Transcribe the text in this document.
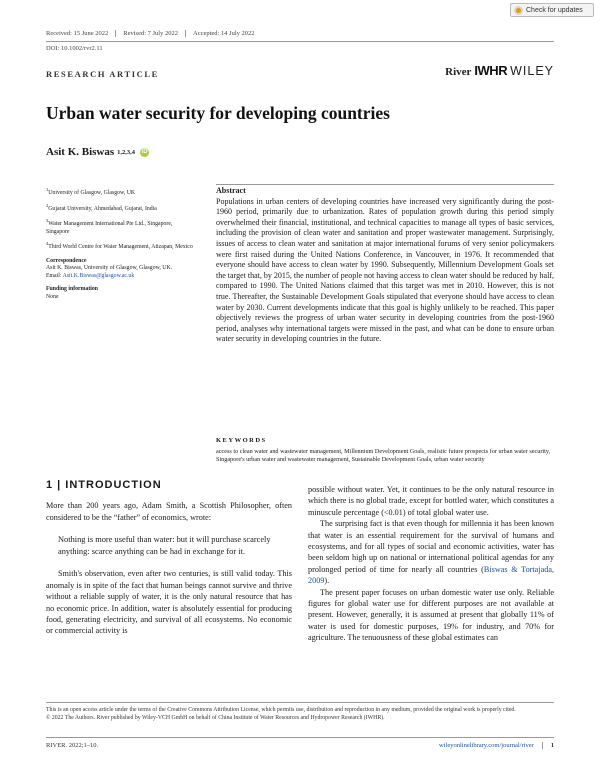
Check for updates
Received: 15 June 2022	Revised: 7 July 2022	Accepted: 14 July 2022
DOI: 10.1002/rvr2.11
RESEARCH ARTICLE	River IWHR WILEY
Urban water security for developing countries
Asit K. Biswas 1,2,3,4 iD
$^1$University of Glasgow, Glasgow, UK
$^2$Gujarat University, Ahmedabad, Gujarat, India
$^3$Water Management International Pte Ltd., Singapore, Singapore
$^4$Third World Centre for Water Management, Atizapan, Mexico
Correspondence
Asit K. Biswas, University of Glasgow, Glasgow, UK.
Email: Asit.K.Biswas@glasgow.ac.uk
Funding information
None
Abstract
Populations in urban centers of developing countries have increased very significantly during the post-1960 period, primarily due to urbanization. Rates of population growth during this period simply overwhelmed their financial, institutional, and technical capacities to manage all types of basic services, including the provision of clean water and sanitation and proper wastewater management. Surprisingly, issues of access to clean water and sanitation at major international forums of very senior policymakers were first raised during the United Nations Conference, in Vancouver, in 1976. It recommended that everyone should have access to clean water by 1990. Subsequently, Millennium Development Goals set the target that, by 2015, the number of people not having access to clean water should be reduced by half, compared to 1990. The United Nations claimed that this target was met in 2010. However, this is not true. Thereafter, the Sustainable Development Goals stipulated that everyone should have access to clean water by 2030. Current developments indicate that this goal is highly unlikely to be reached. This paper objectively reviews the progress of urban water security in developing countries from the post-1960 period, analyses why international targets were missed in the past, and what can be done to ensure urban water security in developing countries in the future.
KEYWORDS
access to clean water and wastewater management, Millennium Development Goals, realistic future prospects for urban water security, Singapore's urban water and wastewater management, Sustainable Development Goals, urban water security
1 | INTRODUCTION

More than 200 years ago, Adam Smith, a Scottish Philosopher, often considered to be the “father” of economics, wrote:

Nothing is more useful than water: but it will purchase scarcely anything: scarce anything can be had in exchange for it.

Smith's observation, even after two centuries, is still valid today. This anomaly is in spite of the fact that human beings cannot survive and thrive without a reliable supply of water, it is the only natural resource that has no economic price. In addition, water is absolutely essential for producing food, generating electricity, and survival of all ecosystems. No economic or commercial activity is

possible without water. Yet, it continues to be the only natural resource in which there is no global trade, except for bottled water, which constitutes a minuscule percentage (<0.01) of total global water use.

The surprising fact is that even though for millennia it has been known that water is an essential requirement for the survival of humans and ecosystems, and for all types of social and economic activities, water has been seldom high up on national or international political agendas for any prolonged period of time for nearly all countries (Biswas & Tortajada, 2009).

The present paper focuses on urban domestic water use only. Reliable figures for global water use for different purposes are not available at present. However, generally, it is assumed at present that globally 11% of water is used for domestic purposes, 19% for industry, and 70% for agriculture. The tenuousness of these global estimates can

This is an open access article under the terms of the Creative Commons Attribution License, which permits use, distribution and reproduction in any medium, provided the original work is properly cited.
© 2022 The Authors. River published by Wiley-VCH GmbH on behalf of China Institute of Water Resources and Hydropower Research (IWHR).
RIVER. 2022;1–10.	wileyonlinelibrary.com/journal/river	1
